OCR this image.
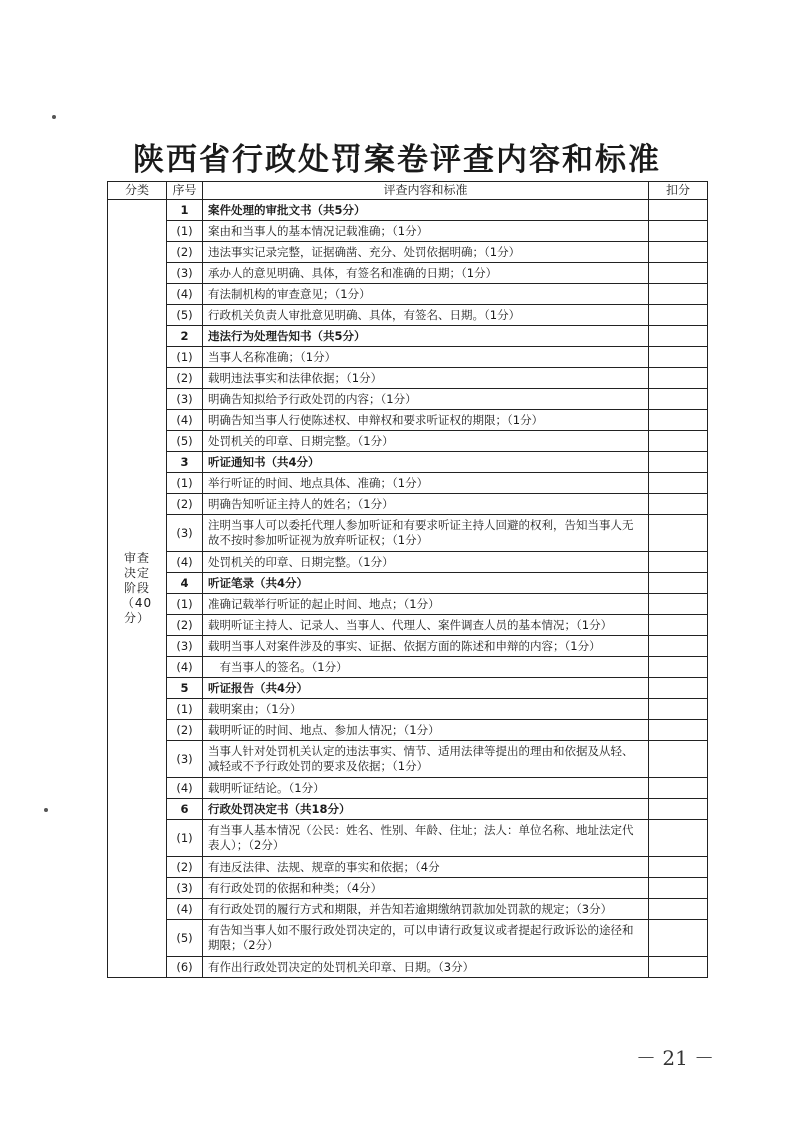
陕西省行政处罚案卷评查内容和标准
分类	序号	评查内容和标准	扣分

审查
决定
阶段
（40分）	1	案件处理的审批文书（共5分）	
	(1)	案由和当事人的基本情况记载准确；（1分）	
	(2)	违法事实记录完整，证据确凿、充分、处罚依据明确；（1分）	
	(3)	承办人的意见明确、具体，有签名和准确的日期；（1分）	
	(4)	有法制机构的审查意见；（1分）	
	(5)	行政机关负责人审批意见明确、具体，有签名、日期。（1分）	
	2	违法行为处理告知书（共5分）	
	(1)	当事人名称准确；（1分）	
	(2)	载明违法事实和法律依据；（1分）	
	(3)	明确告知拟给予行政处罚的内容；（1分）	
	(4)	明确告知当事人行使陈述权、申辩权和要求听证权的期限；（1分）	
	(5)	处罚机关的印章、日期完整。（1分）	
	3	听证通知书（共4分）	
	(1)	举行听证的时间、地点具体、准确；（1分）	
	(2)	明确告知听证主持人的姓名；（1分）	
	(3)	注明当事人可以委托代理人参加听证和有要求听证主持人回避的权利，告知当事人无故不按时参加听证视为放弃听证权；（1分）	
	(4)	处罚机关的印章、日期完整。（1分）	
	4	听证笔录（共4分）	
	(1)	准确记载举行听证的起止时间、地点；（1分）	
	(2)	载明听证主持人、记录人、当事人、代理人、案件调查人员的基本情况；（1分）	
	(3)	载明当事人对案件涉及的事实、证据、依据方面的陈述和申辩的内容；（1分）	
	(4)	　有当事人的签名。（1分）	
	5	听证报告（共4分）	
	(1)	载明案由；（1分）	
	(2)	载明听证的时间、地点、参加人情况；（1分）	
	(3)	当事人针对处罚机关认定的违法事实、情节、适用法律等提出的理由和依据及从轻、减轻或不予行政处罚的要求及依据；（1分）	
	(4)	载明听证结论。（1分）	
	6	行政处罚决定书（共18分）	
	(1)	有当事人基本情况（公民：姓名、性别、年龄、住址；法人：单位名称、地址法定代表人）；（2分）	
	(2)	有违反法律、法规、规章的事实和依据；（4分	
	(3)	有行政处罚的依据和种类；（4分）	
	(4)	有行政处罚的履行方式和期限，并告知若逾期缴纳罚款加处罚款的规定；（3分）	
	(5)	有告知当事人如不服行政处罚决定的，可以申请行政复议或者提起行政诉讼的途径和期限；（2分）	
	(6)	有作出行政处罚决定的处罚机关印章、日期。（3分）	
－ 21 －
